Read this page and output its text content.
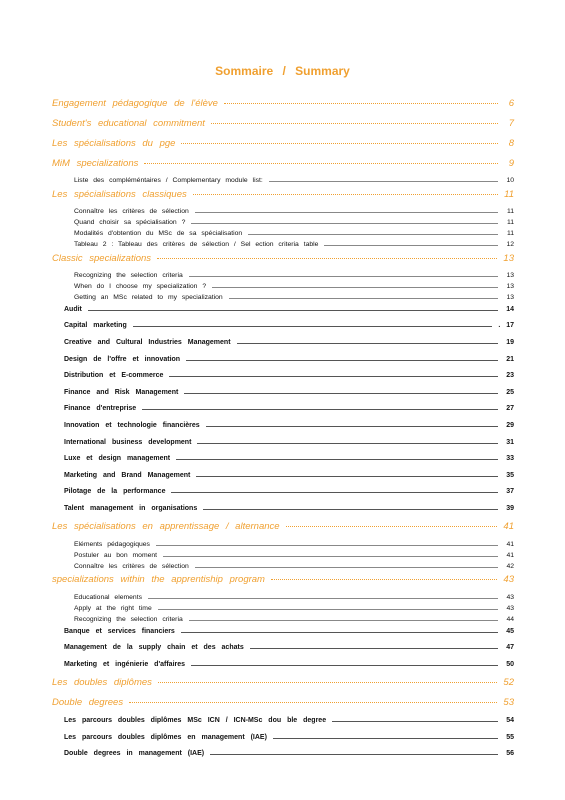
Sommaire / Summary
Engagement pédagogique de l'élève	6
Student's educational commitment	7
Les spécialisations du pge	8
MiM specializations	9
Liste des compléméntaires / Complementary module list:	10
Les spécialisations classiques	11
Connaître les critères de sélection	11
Quand choisir sa spécialisation ?	11
Modalités d'obtention du MSc de sa spécialisation	11
Tableau 2 : Tableau des critères de sélection / Sel ection criteria table	12
Classic specializations	13
Recognizing the selection criteria	13
When do I choose my specialization ?	13
Getting an MSc related to my specialization	13
Audit	14
Capital marketing	. 17
Creative and Cultural Industries Management	19
Design de l'offre et innovation	21
Distribution et E-commerce	23
Finance and Risk Management	25
Finance d'entreprise	27
Innovation et technologie financières	29
International business development	31
Luxe et design management	33
Marketing and Brand Management	35
Pilotage de la performance	37
Talent management in organisations	39
Les spécialisations en apprentissage / alternance	41
Eléments pédagogiques	41
Postuler au bon moment	41
Connaître les critères de sélection	42
specializations within the apprentiship program	43
Educational elements	43
Apply at the right time	43
Recognizing the selection criteria	44
Banque et services financiers	45
Management de la supply chain et des achats	47
Marketing et ingénierie d'affaires	50
Les doubles diplômes	52
Double degrees	53
Les parcours doubles diplômes MSc ICN / ICN-MSc dou ble degree	54
Les parcours doubles diplômes en management (IAE)	55
Double degrees in management (IAE)	56
